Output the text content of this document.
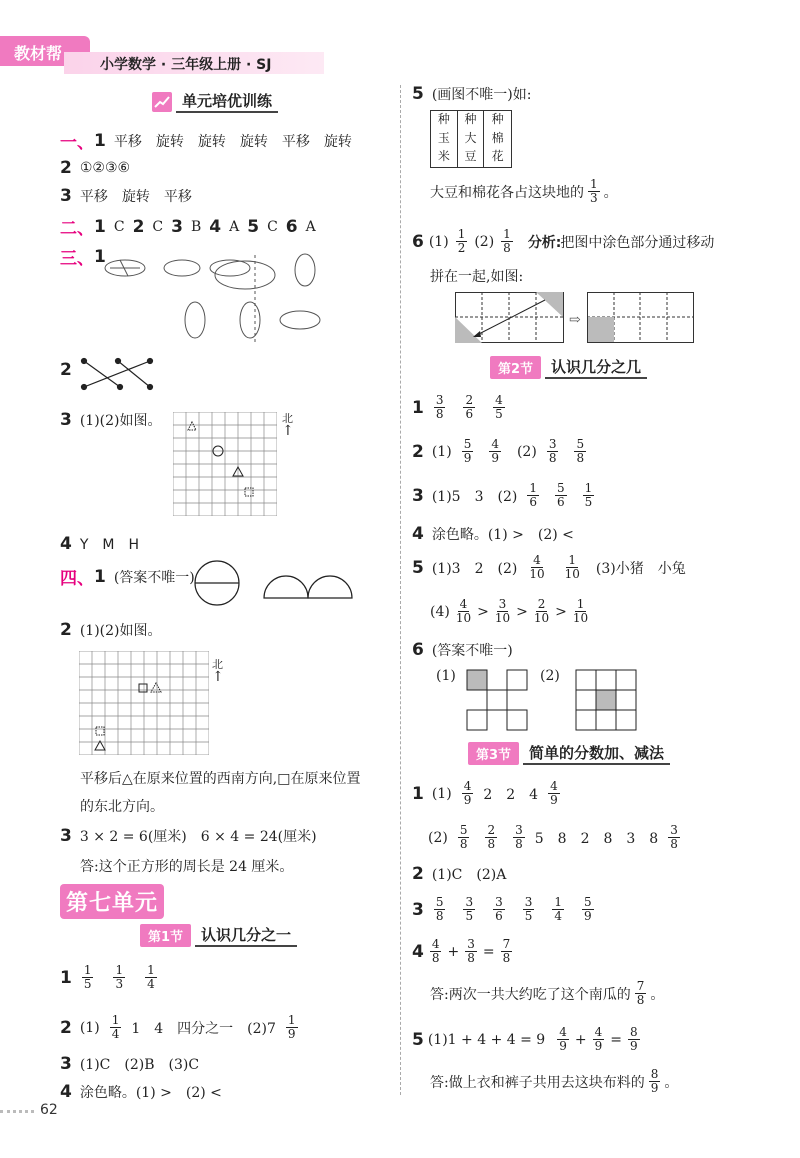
教材帮
小学数学 · 三年级上册 · SJ
单元培优训练
一、 1 平移　旋转　旋转　旋转　平移　旋转
2 ①②③⑥
3 平移　旋转　平移
二、 1 C 2 C 3 B 4 A 5 C 6 A
三、 1
2
3 (1)(2)如图。	北
↑
4 Y　M　H
四、 1 (答案不唯一)
2 (1)(2)如图。
北
↑
平移后△在原来位置的西南方向,□在原来位置
的东北方向。
3 3 × 2 = 6(厘米)　6 × 4 = 24(厘米)
答:这个正方形的周长是 24 厘米。
第七单元
第1节	认识几分之一
$1 \frac{1}{5} \frac{1}{3} \frac{1}{4}$
2 $(1) \frac{1}{4} 1$　4　四分之一　$(2)7 \frac{1}{9}$
3 (1)C　(2)B　(3)C
4 涂色略。(1) >　(2) <
62
5 (画图不唯一)如:
种	种	种
玉	大	棉
米	豆	花
大豆和棉花各占这块地的 $\frac{1}{3}$ 。
6 $(1) \frac{1}{2} (2) \frac{1}{8}$ 分析: 把图中涂色部分通过移动
拼在一起,如图:
⇨
第2节	认识几分之几
$1 \frac{3}{8} \frac{2}{6} \frac{4}{5}$
2 $(1) \frac{5}{9} \frac{4}{9} (2) \frac{3}{8} \frac{5}{8}$
3 (1)5　3　$(2) \frac{1}{6} \frac{5}{6} \frac{1}{5}$
4 涂色略。(1) >　(2) <
5 (1)3　2　$(2) \frac{4}{10} \frac{1}{10} (3)$小猪　小兔
$(4) \frac{4}{10} > \frac{3}{10} > \frac{2}{10} > \frac{1}{10}$
6 (答案不唯一)
(1)	(2)
第3节	简单的分数加、减法
1 $(1) \frac{4}{9} 2$　2　$4 \frac{4}{9}$
$(2) \frac{5}{8} \frac{2}{8} \frac{3}{8} 5$　8　2　8　3　$8 \frac{3}{8}$
2 (1)C　(2)A
$3 \frac{5}{8} \frac{3}{5} \frac{3}{6} \frac{3}{5} \frac{1}{4} \frac{5}{9}$
$4 \frac{4}{8} + \frac{3}{8} = \frac{7}{8}$
答:两次一共大约吃了这个南瓜的 $\frac{7}{8}$ 。
5 $(1)1 + 4 + 4 = 9 \frac{4}{9} + \frac{4}{9} = \frac{8}{9}$
答:做上衣和裤子共用去这块布料的 $\frac{8}{9}$ 。
